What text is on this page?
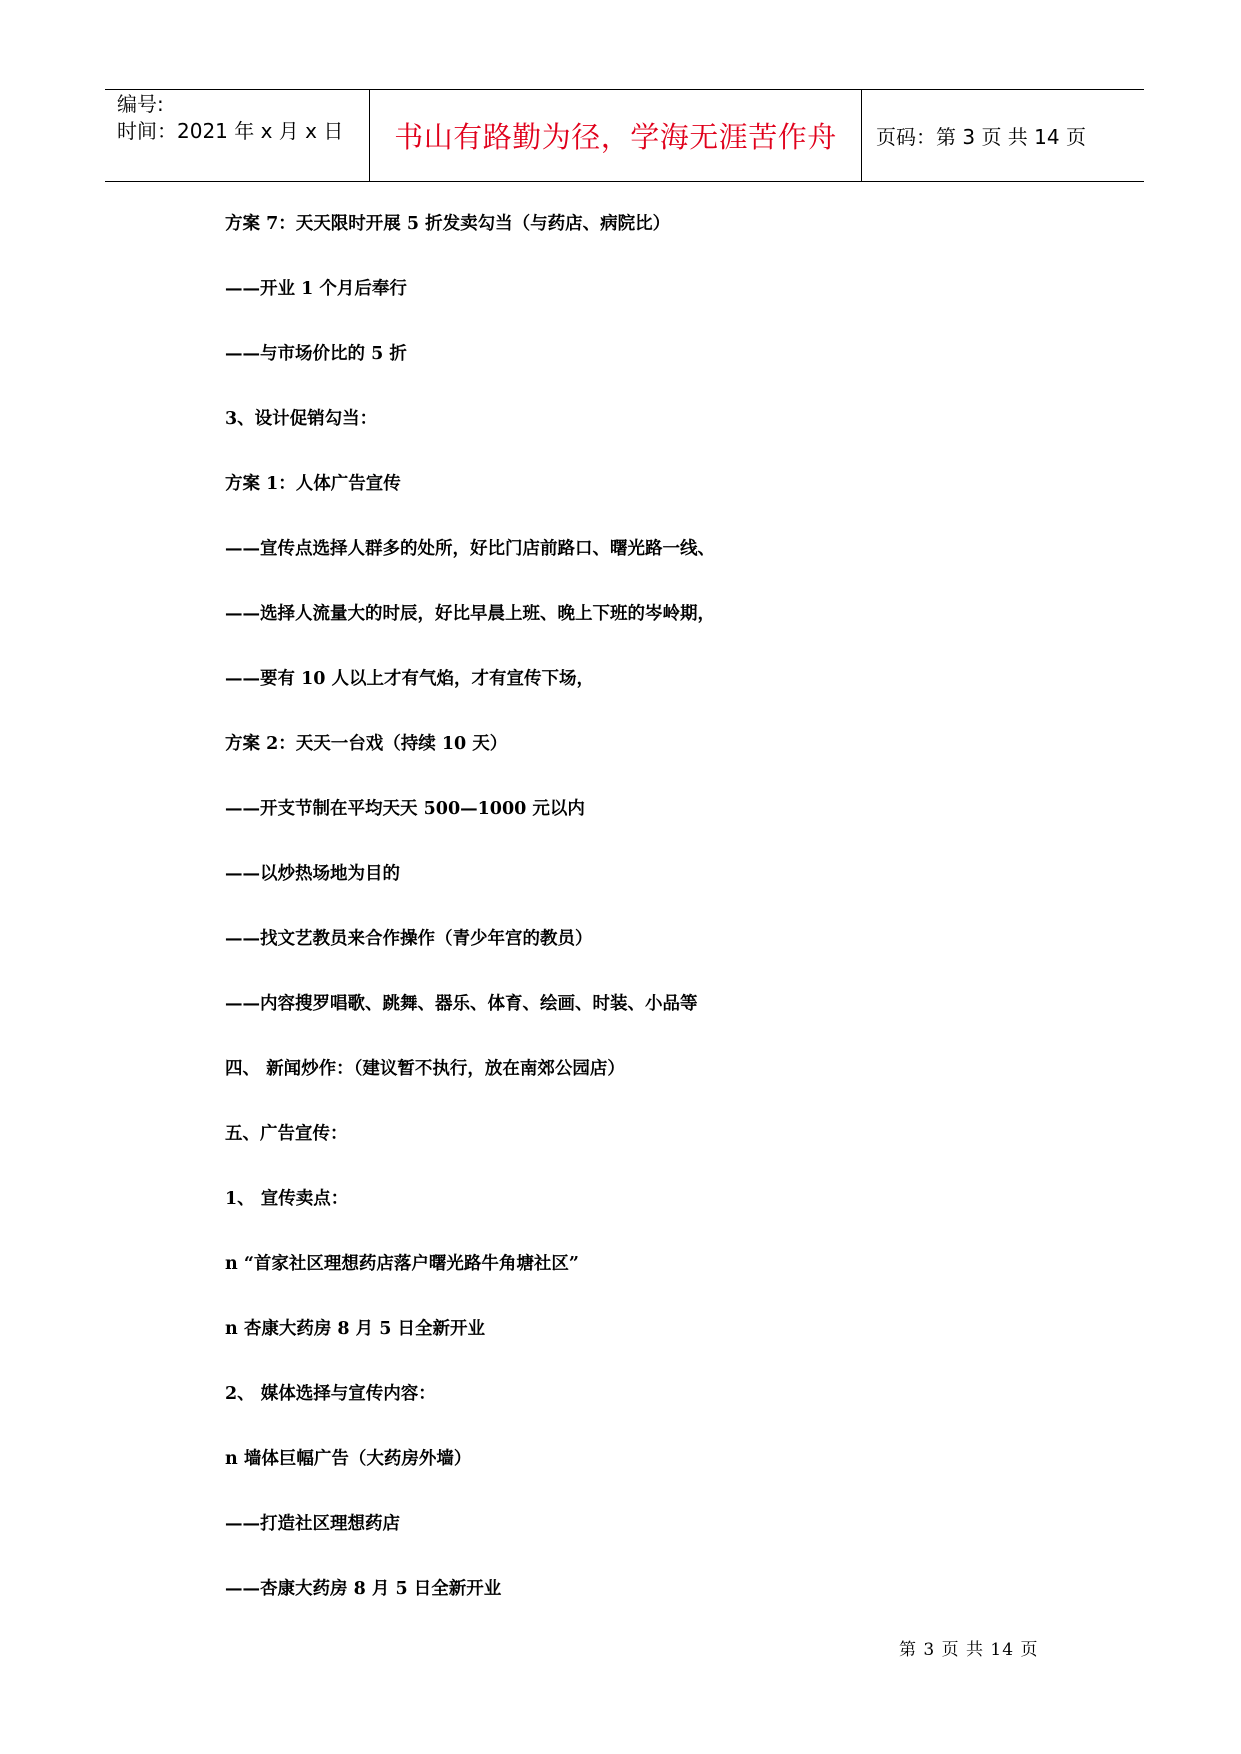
编号:
时间：2021 年 x 月 x 日 书山有路勤为径，学海无涯苦作舟 页码：第 3 页 共 14 页
方案 7：天天限时开展 5 折发卖勾当（与药店、病院比）
——开业 1 个月后奉行
——与市场价比的 5 折
3、设计促销勾当：
方案 1：人体广告宣传
——宣传点选择人群多的处所，好比门店前路口、曙光路一线、
——选择人流量大的时辰，好比早晨上班、晚上下班的岑岭期，
——要有 10 人以上才有气焰，才有宣传下场，
方案 2：天天一台戏（持续 10 天）
——开支节制在平均天天 500—1000 元以内
——以炒热场地为目的
——找文艺教员来合作操作（青少年宫的教员）
——内容搜罗唱歌、跳舞、器乐、体育、绘画、时装、小品等
四、 新闻炒作：（建议暂不执行，放在南郊公园店）
五、广告宣传：
1、 宣传卖点：
n “首家社区理想药店落户曙光路牛角塘社区”
n 杏康大药房 8 月 5 日全新开业
2、 媒体选择与宣传内容：
n 墙体巨幅广告（大药房外墙）
——打造社区理想药店
——杏康大药房 8 月 5 日全新开业
第 3 页 共 14 页
